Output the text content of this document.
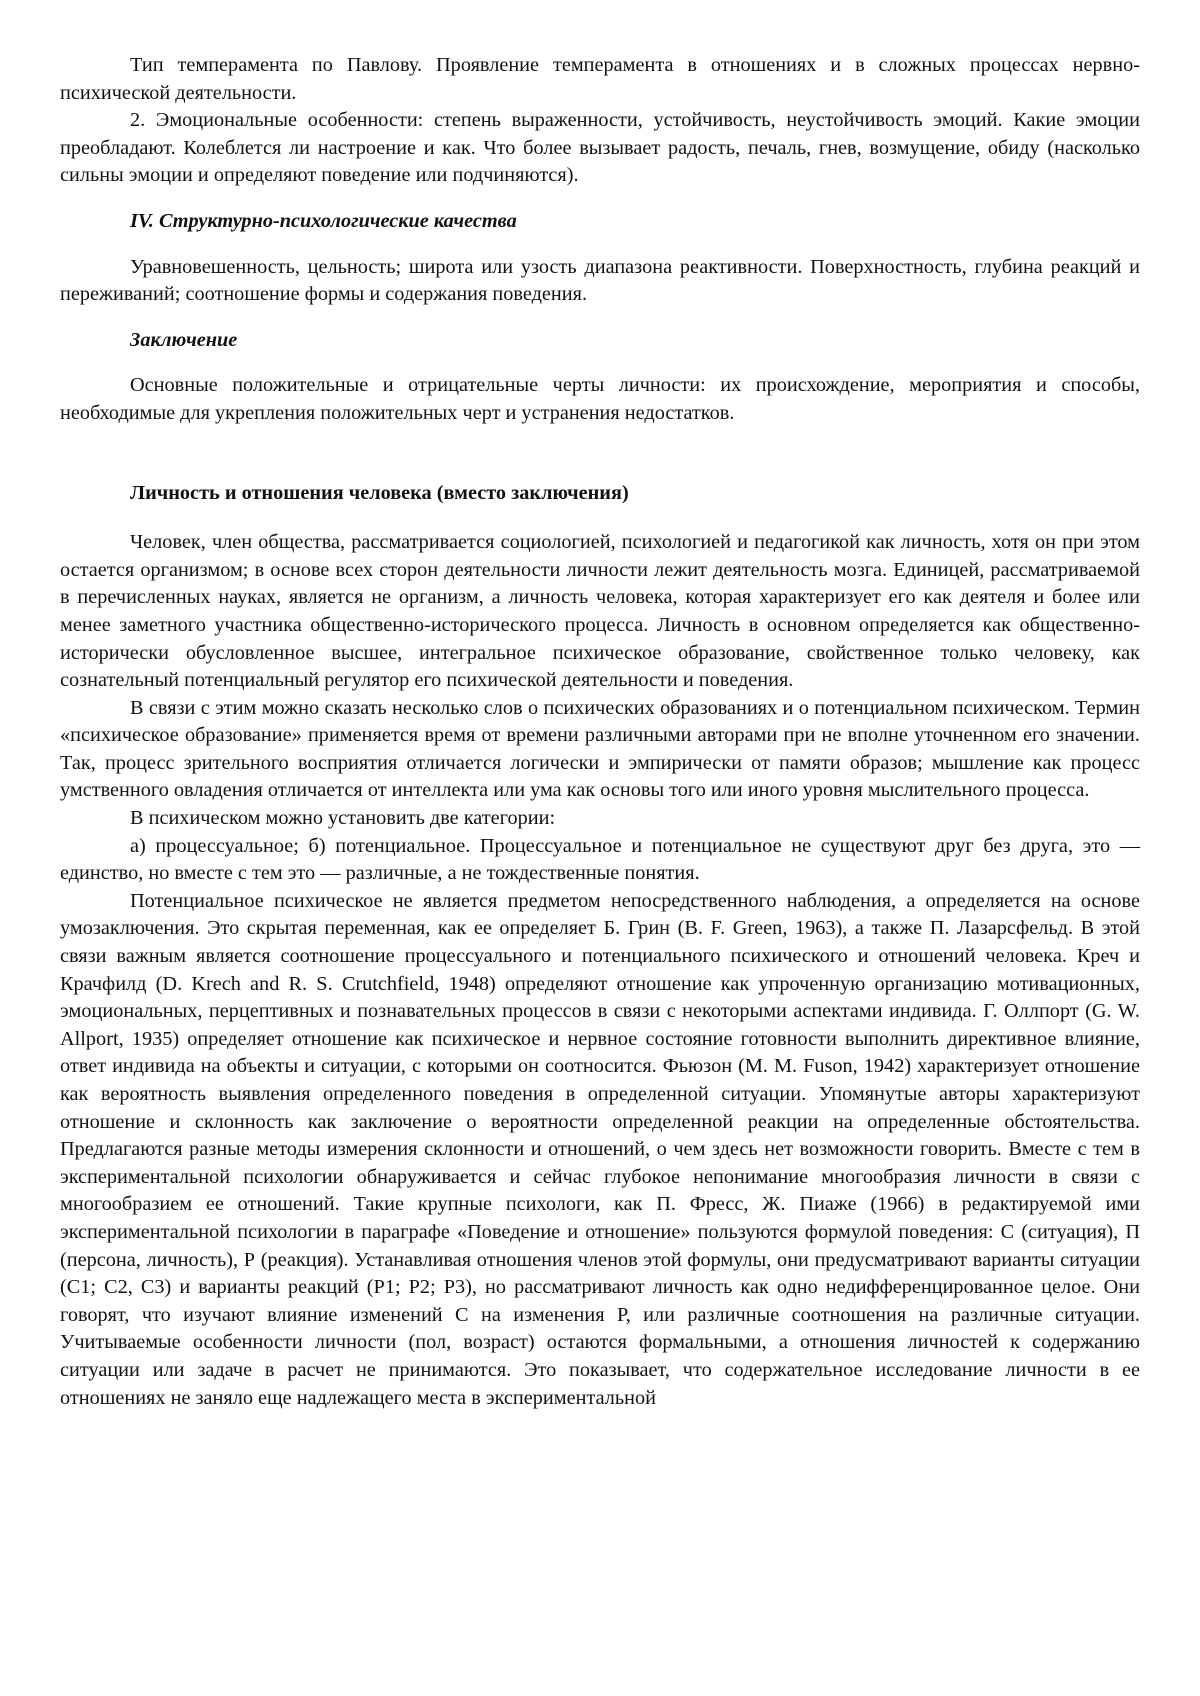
Тип темперамента по Павлову. Проявление темперамента в отношениях и в сложных процессах нервно-психической деятельности.

2. Эмоциональные особенности: степень выраженности, устойчивость, неустойчивость эмоций. Какие эмоции преобладают. Колеблется ли настроение и как. Что более вызывает радость, печаль, гнев, возмущение, обиду (насколько сильны эмоции и определяют поведение или подчиняются).

IV. Структурно-психологические качества

Уравновешенность, цельность; широта или узость диапазона реактивности. Поверхностность, глубина реакций и переживаний; соотношение формы и содержания поведения.

Заключение

Основные положительные и отрицательные черты личности: их происхождение, мероприятия и способы, необходимые для укрепления положительных черт и устранения недостатков.

Личность и отношения человека (вместо заключения)

Человек, член общества, рассматривается социологией, психологией и педагогикой как личность, хотя он при этом остается организмом; в основе всех сторон деятельности личности лежит деятельность мозга. Единицей, рассматриваемой в перечисленных науках, является не организм, а личность человека, которая характеризует его как деятеля и более или менее заметного участника общественно-исторического процесса. Личность в основном определяется как общественно-исторически обусловленное высшее, интегральное психическое образование, свойственное только человеку, как сознательный потенциальный регулятор его психической деятельности и поведения.

В связи с этим можно сказать несколько слов о психических образованиях и о потенциальном психическом. Термин «психическое образование» применяется время от времени различными авторами при не вполне уточненном его значении. Так, процесс зрительного восприятия отличается логически и эмпирически от памяти образов; мышление как процесс умственного овладения отличается от интеллекта или ума как основы того или иного уровня мыслительного процесса.

В психическом можно установить две категории:

а) процессуальное; б) потенциальное. Процессуальное и потенциальное не существуют друг без друга, это — единство, но вместе с тем это — различные, а не тождественные понятия.

Потенциальное психическое не является предметом непосредственного наблюдения, а определяется на основе умозаключения. Это скрытая переменная, как ее определяет Б. Грин (B. F. Green, 1963), а также П. Лазарсфельд. В этой связи важным является соотношение процессуального и потенциального психического и отношений человека. Креч и Крачфилд (D. Krech and R. S. Crutchfield, 1948) определяют отношение как упроченную организацию мотивационных, эмоциональных, перцептивных и познавательных процессов в связи с некоторыми аспектами индивида. Г. Оллпорт (G. W. Allport, 1935) определяет отношение как психическое и нервное состояние готовности выполнить директивное влияние, ответ индивида на объекты и ситуации, с которыми он соотносится. Фьюзон (M. M. Fuson, 1942) характеризует отношение как вероятность выявления определенного поведения в определенной ситуации. Упомянутые авторы характеризуют отношение и склонность как заключение о вероятности определенной реакции на определенные обстоятельства. Предлагаются разные методы измерения склонности и отношений, о чем здесь нет возможности говорить. Вместе с тем в экспериментальной психологии обнаруживается и сейчас глубокое непонимание многообразия личности в связи с многообразием ее отношений. Такие крупные психологи, как П. Фресс, Ж. Пиаже (1966) в редактируемой ими экспериментальной психологии в параграфе «Поведение и отношение» пользуются формулой поведения: С (ситуация), П (персона, личность), Р (реакция). Устанавливая отношения членов этой формулы, они предусматривают варианты ситуации (С1; С2, С3) и варианты реакций (Р1; Р2; Р3), но рассматривают личность как одно недифференцированное целое. Они говорят, что изучают влияние изменений С на изменения Р, или различные соотношения на различные ситуации. Учитываемые особенности личности (пол, возраст) остаются формальными, а отношения личностей к содержанию ситуации или задаче в расчет не принимаются. Это показывает, что содержательное исследование личности в ее отношениях не заняло еще надлежащего места в экспериментальной
